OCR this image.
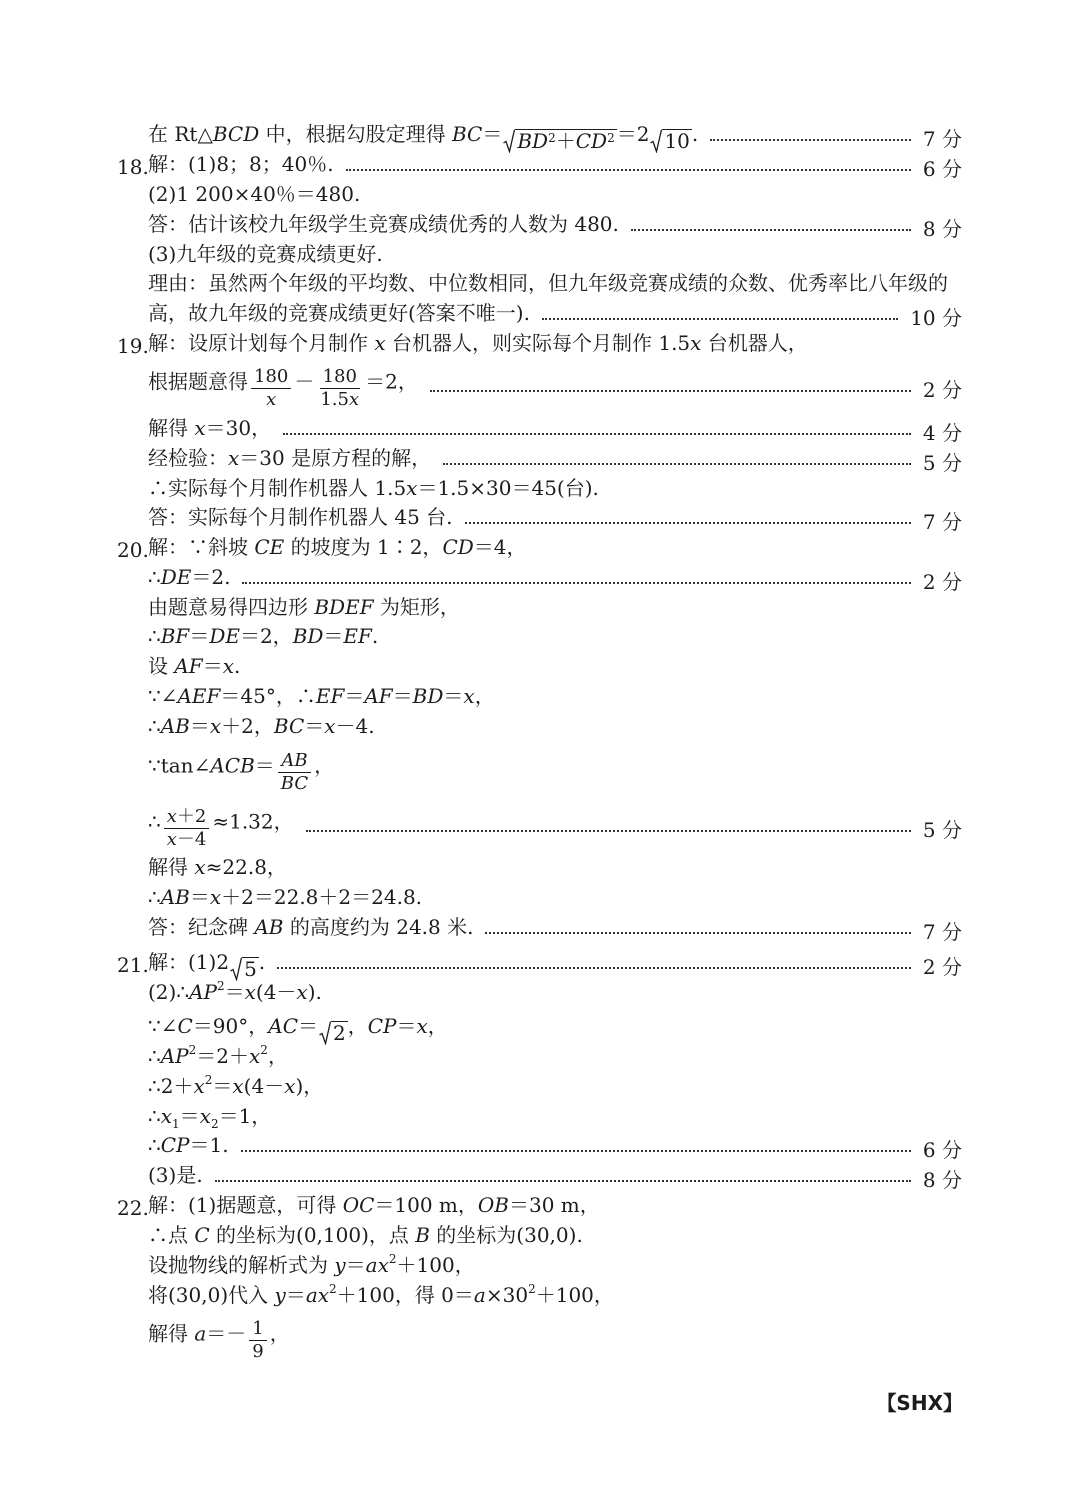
在 Rt△BCD 中，根据勾股定理得 $BC= BD^2+CD^2 =2$ 10 .	7 分
18. 解：(1)8；8；40％.	6 分
(2)1 200×40％＝480.
答：估计该校九年级学生竞赛成绩优秀的人数为 480.	8 分
(3)九年级的竞赛成绩更好.
理由：虽然两个年级的平均数、中位数相同，但九年级竞赛成绩的众数、优秀率比八年级的
高，故九年级的竞赛成绩更好(答案不唯一).	10 分
19. 解：设原计划每个月制作 x 台机器人，则实际每个月制作 1.5x 台机器人，
根据题意得 $\frac{180}{x} - \frac{180}{1.5x} =2$，	2 分
解得 x＝30，	4 分
经检验：x＝30 是原方程的解，	5 分
∴实际每个月制作机器人 1.5x＝1.5×30＝45(台).
答：实际每个月制作机器人 45 台.	7 分
20. 解：∵斜坡 CE 的坡度为 1∶2，CD＝4，
∴DE＝2.	2 分
由题意易得四边形 BDEF 为矩形，
∴BF＝DE＝2，BD＝EF.
设 AF＝x.
∵∠AEF＝45°，∴EF＝AF＝BD＝x，
∴AB＝x＋2，BC＝x－4.
∵tan∠ACB＝ $\frac{AB}{BC}$ ，
∴ $\frac{x+2}{x-4} \approx 1.32$，	5 分
解得 x≈22.8，
∴AB＝x＋2＝22.8＋2＝24.8.
答：纪念碑 AB 的高度约为 24.8 米.	7 分
21. 解：(1)2 5 .	2 分
$(2)\therefore AP^2=x(4-x)$.
∵∠C＝90°，AC＝ 2 ，CP＝x，
$\therefore AP^2=2+x^2$，
$\therefore 2+x^2=x(4-x)$，
$\therefore x_1=x_2=1$，
∴CP＝1.	6 分
(3)是.	8 分
22. 解：(1)据题意，可得 OC＝100 m，OB＝30 m，
∴点 C 的坐标为(0,100)，点 B 的坐标为(30,0).
设抛物线的解析式为 $y=ax^2+100$，
将(30,0)代入 $y=ax^2+100$，得 $0=a\times 30^2+100$，
解得 $a=- \frac{1}{9}$ ，
【SHX】
